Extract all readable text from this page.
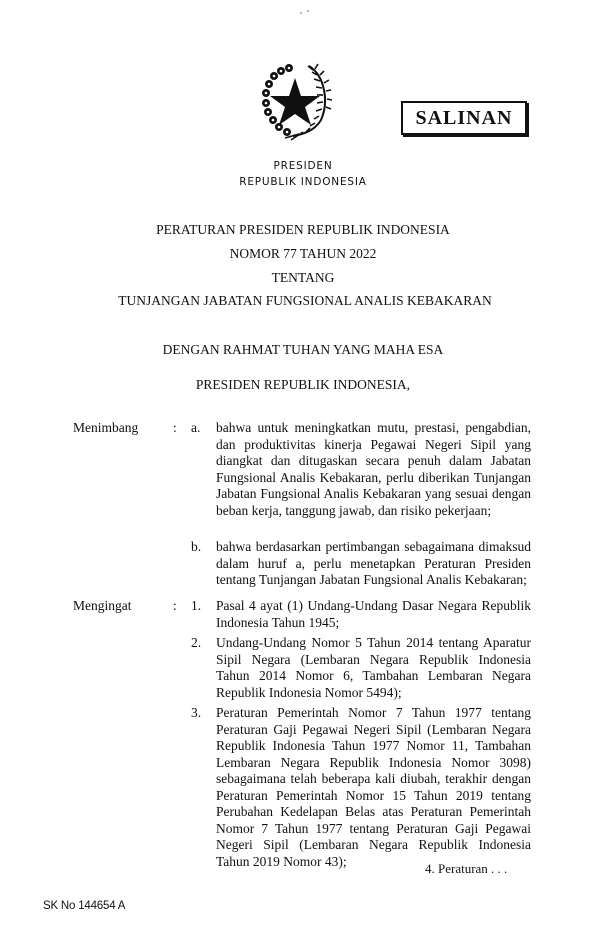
SALINAN
PRESIDEN
REPUBLIK INDONESIA
PERATURAN PRESIDEN REPUBLIK INDONESIA
NOMOR 77 TAHUN 2022
TENTANG
TUNJANGAN JABATAN FUNGSIONAL ANALIS KEBAKARAN
DENGAN RAHMAT TUHAN YANG MAHA ESA
PRESIDEN REPUBLIK INDONESIA,
Menimbang	: a.	bahwa untuk meningkatkan mutu, prestasi, pengabdian, dan produktivitas kinerja Pegawai Negeri Sipil yang diangkat dan ditugaskan secara penuh dalam Jabatan Fungsional Analis Kebakaran, perlu diberikan Tunjangan Jabatan Fungsional Analis Kebakaran yang sesuai dengan beban kerja, tanggung jawab, dan risiko pekerjaan;
b.	bahwa berdasarkan pertimbangan sebagaimana dimaksud dalam huruf a, perlu menetapkan Peraturan Presiden tentang Tunjangan Jabatan Fungsional Analis Kebakaran;
Mengingat	: 1.	Pasal 4 ayat (1) Undang-Undang Dasar Negara Republik Indonesia Tahun 1945;
2.	Undang-Undang Nomor 5 Tahun 2014 tentang Aparatur Sipil Negara (Lembaran Negara Republik Indonesia Tahun 2014 Nomor 6, Tambahan Lembaran Negara Republik Indonesia Nomor 5494);
3.	Peraturan Pemerintah Nomor 7 Tahun 1977 tentang Peraturan Gaji Pegawai Negeri Sipil (Lembaran Negara Republik Indonesia Tahun 1977 Nomor 11, Tambahan Lembaran Negara Republik Indonesia Nomor 3098) sebagaimana telah beberapa kali diubah, terakhir dengan Peraturan Pemerintah Nomor 15 Tahun 2019 tentang Perubahan Kedelapan Belas atas Peraturan Pemerintah Nomor 7 Tahun 1977 tentang Peraturan Gaji Pegawai Negeri Sipil (Lembaran Negara Republik Indonesia Tahun 2019 Nomor 43);	4. Peraturan . . .
SK No 144654 A
